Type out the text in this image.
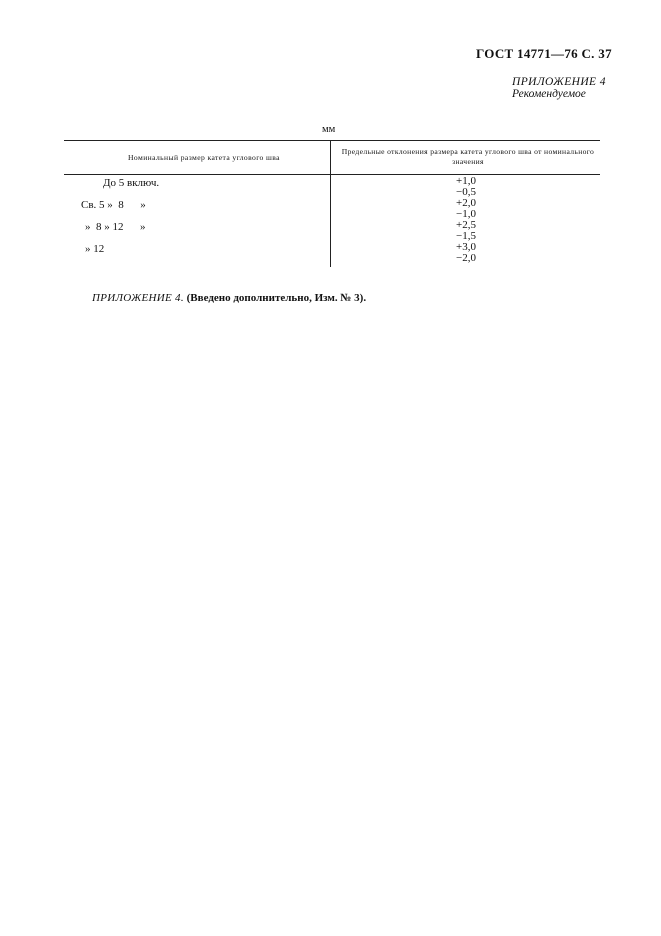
ГОСТ 14771—76 С. 37
ПРИЛОЖЕНИЕ 4
Рекомендуемое
мм
Номинальный размер катета углового шва
Предельные отклонения размера катета углового шва от номинального значения
До 5 включ.
Св. 5 »  8      »
»  8 » 12      »
» 12
+1,0
−0,5
+2,0
−1,0
+2,5
−1,5
+3,0
−2,0
ПРИЛОЖЕНИЕ 4. (Введено дополнительно, Изм. № 3).
